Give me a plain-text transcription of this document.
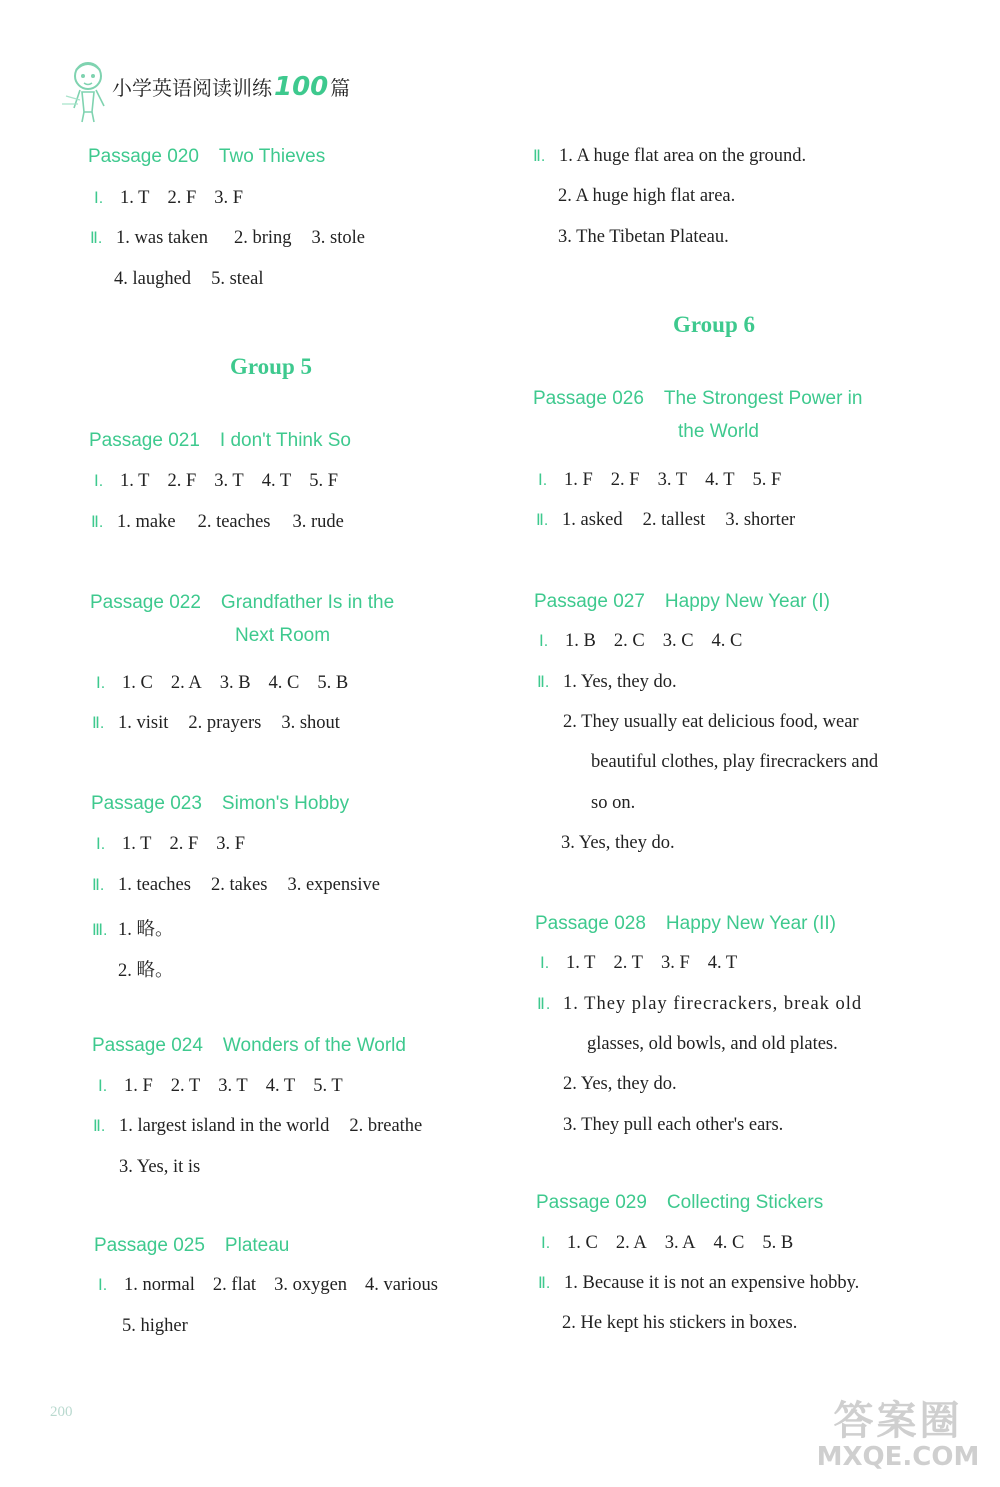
小学英语阅读训练100 篇
Passage 020 Two Thieves
Ⅰ. 1. T 2. F 3. F
Ⅱ. 1. was taken 2. bring 3. stole
4. laughed 5. steal
Group 5
Passage 021 I don't Think So
Ⅰ. 1. T 2. F 3. T 4. T 5. F
Ⅱ. 1. make 2. teaches 3. rude
Passage 022 Grandfather Is in the
Next Room
Ⅰ. 1. C 2. A 3. B 4. C 5. B
Ⅱ. 1. visit 2. prayers 3. shout
Passage 023 Simon's Hobby
Ⅰ. 1. T 2. F 3. F
Ⅱ. 1. teaches 2. takes 3. expensive
Ⅲ. 1. 略。
2. 略。
Passage 024 Wonders of the World
Ⅰ. 1. F 2. T 3. T 4. T 5. T
Ⅱ. 1. largest island in the world 2. breathe
3. Yes, it is
Passage 025 Plateau
Ⅰ. 1. normal 2. flat 3. oxygen 4. various
5. higher
Ⅱ. 1. A huge flat area on the ground.
2. A huge high flat area.
3. The Tibetan Plateau.
Group 6
Passage 026 The Strongest Power in
the World
Ⅰ. 1. F 2. F 3. T 4. T 5. F
Ⅱ. 1. asked 2. tallest 3. shorter
Passage 027 Happy New Year (Ⅰ)
Ⅰ. 1. B 2. C 3. C 4. C
Ⅱ. 1. Yes, they do.
2. They usually eat delicious food, wear
beautiful clothes, play firecrackers and
so on.
3. Yes, they do.
Passage 028 Happy New Year (II)
Ⅰ. 1. T 2. T 3. F 4. T
Ⅱ. 1. They play firecrackers, break old
glasses, old bowls, and old plates.
2. Yes, they do.
3. They pull each other's ears.
Passage 029 Collecting Stickers
Ⅰ. 1. C 2. A 3. A 4. C 5. B
Ⅱ. 1. Because it is not an expensive hobby.
2. He kept his stickers in boxes.
200	答案圈
MXQE.COM
